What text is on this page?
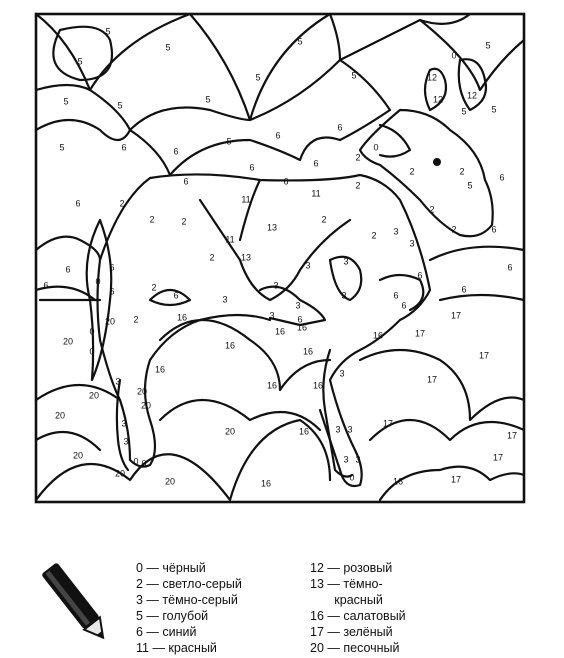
5
5
5
5
5	5
5	5
5
5
5
12
12	12
0
5
5	6	6
5
6
6
0
2
6	6
2	2
6
6	2
6	6
11
2	5
11
2	2
2
2
2
13
2
6
11
3
3
6	6
2	13
3	3
6
6
0
6	2
6
6	3
3	6
6
6
3
3
3
16
20 2
0	16 16
16	17
17
20	16
16
6
0	17
16	3
3	16	16
20	20
20
17
17
20
20	16	3 3
3
3
17
20	3 3
0 0
0
20
17
20	16	17
16
0 — чёрный
2 — светло-серый
3 — тёмно-серый
5 — голубой
6 — синий
11 — красный
12 — розовый
13 — тёмно-
красный
16 — салатовый
17 — зелёный
20 — песочный
